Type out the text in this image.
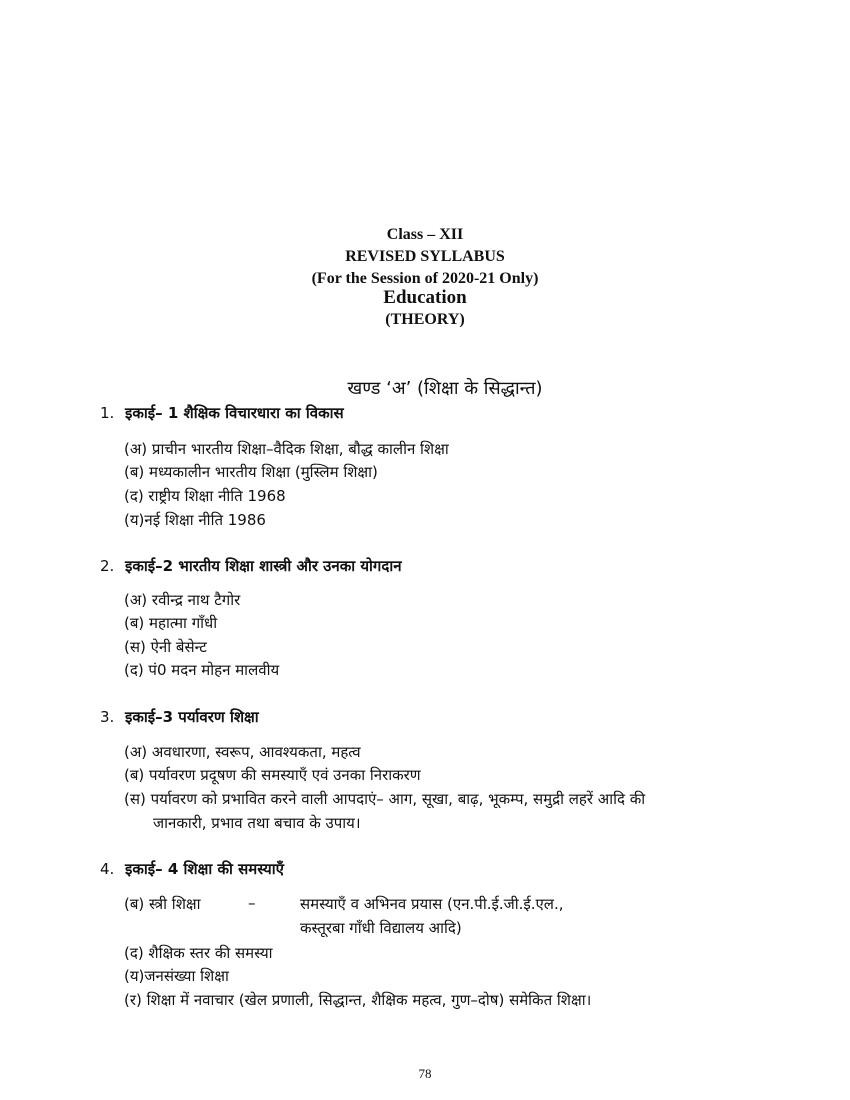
Class – XII
REVISED SYLLABUS
(For the Session of 2020-21 Only)
Education
(THEORY)
खण्ड ‘अ’ (शिक्षा के सिद्धान्त)
1. इकाई– 1 शैक्षिक विचारधारा का विकास
(अ) प्राचीन भारतीय शिक्षा–वैदिक शिक्षा, बौद्ध कालीन शिक्षा
(ब) मध्यकालीन भारतीय शिक्षा (मुस्लिम शिक्षा)
(द) राष्ट्रीय शिक्षा नीति 1968
(य)नई शिक्षा नीति 1986
2. इकाई–2 भारतीय शिक्षा शास्त्री और उनका योगदान
(अ) रवीन्द्र नाथ टैगोर
(ब) महात्मा गाँधी
(स) ऐनी बेसेन्ट
(द) पं0 मदन मोहन मालवीय
3. इकाई–3 पर्यावरण शिक्षा
(अ) अवधारणा, स्वरूप, आवश्यकता, महत्व
(ब) पर्यावरण प्रदूषण की समस्याएँ एवं उनका निराकरण
(स) पर्यावरण को प्रभावित करने वाली आपदाएं– आग, सूखा, बाढ़, भूकम्प, समुद्री लहरें आदि की
जानकारी, प्रभाव तथा बचाव के उपाय।
4. इकाई– 4 शिक्षा की समस्याएँ
(ब) स्त्री शिक्षा	–	समस्याएँ व अभिनव प्रयास (एन.पी.ई.जी.ई.एल.,
कस्तूरबा गाँधी विद्यालय आदि)
(द) शैक्षिक स्तर की समस्या
(य)जनसंख्या शिक्षा
(र) शिक्षा में नवाचार (खेल प्रणाली, सिद्धान्त, शैक्षिक महत्व, गुण–दोष) समेकित शिक्षा।
78
